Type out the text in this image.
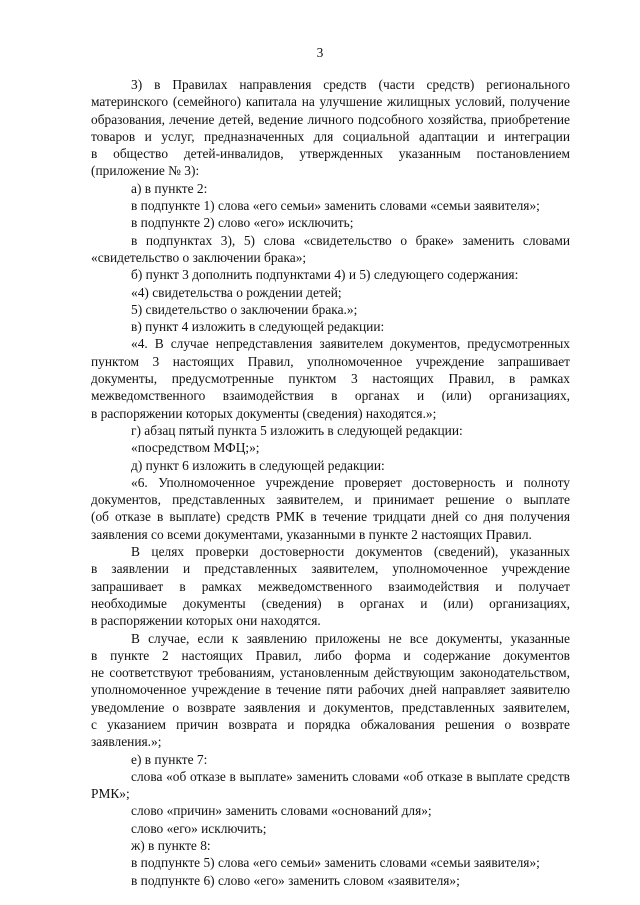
3

3) в Правилах направления средств (части средств) регионального
материнского (семейного) капитала на улучшение жилищных условий, получение
образования, лечение детей, ведение личного подсобного хозяйства, приобретение
товаров и услуг, предназначенных для социальной адаптации и интеграции
в обществo детей-инвалидов, утвержденных указанным постановлением
(приложение № 3):

а) в пункте 2:

в подпункте 1) слова «его семьи» заменить словами «семьи заявителя»;

в подпункте 2) слово «его» исключить;

в подпунктах 3), 5) слова «свидетельство о браке» заменить словами
«свидетельство о заключении брака»;

б) пункт 3 дополнить подпунктами 4) и 5) следующего содержания:

«4) свидетельства о рождении детей;

5) свидетельство о заключении брака.»;

в) пункт 4 изложить в следующей редакции:

«4. В случае непредставления заявителем документов, предусмотренных
пунктом 3 настоящих Правил, уполномоченное учреждение запрашивает
документы, предусмотренные пунктом 3 настоящих Правил, в рамках
межведомственного взаимодействия в органах и (или) организациях,
в распоряжении которых документы (сведения) находятся.»;

г) абзац пятый пункта 5 изложить в следующей редакции:

«посредством МФЦ;»;

д) пункт 6 изложить в следующей редакции:

«6. Уполномоченное учреждение проверяет достоверность и полноту
документов, представленных заявителем, и принимает решение о выплате
(об отказе в выплате) средств РМК в течение тридцати дней со дня получения
заявления со всеми документами, указанными в пункте 2 настоящих Правил.

В целях проверки достоверности документов (сведений), указанных
в заявлении и представленных заявителем, уполномоченное учреждение
запрашивает в рамках межведомственного взаимодействия и получает
необходимые документы (сведения) в органах и (или) организациях,
в распоряжении которых они находятся.

В случае, если к заявлению приложены не все документы, указанные
в пункте 2 настоящих Правил, либо форма и содержание документов
не соответствуют требованиям, установленным действующим законодательством,
уполномоченное учреждение в течение пяти рабочих дней направляет заявителю
уведомление о возврате заявления и документов, представленных заявителем,
с указанием причин возврата и порядка обжалования решения о возврате
заявления.»;

е) в пункте 7:

слова «об отказе в выплате» заменить словами «об отказе в выплате средств
РМК»;

слово «причин» заменить словами «оснований для»;

слово «его» исключить;

ж) в пункте 8:

в подпункте 5) слова «его семьи» заменить словами «семьи заявителя»;

в подпункте 6) слово «его» заменить словом «заявителя»;
